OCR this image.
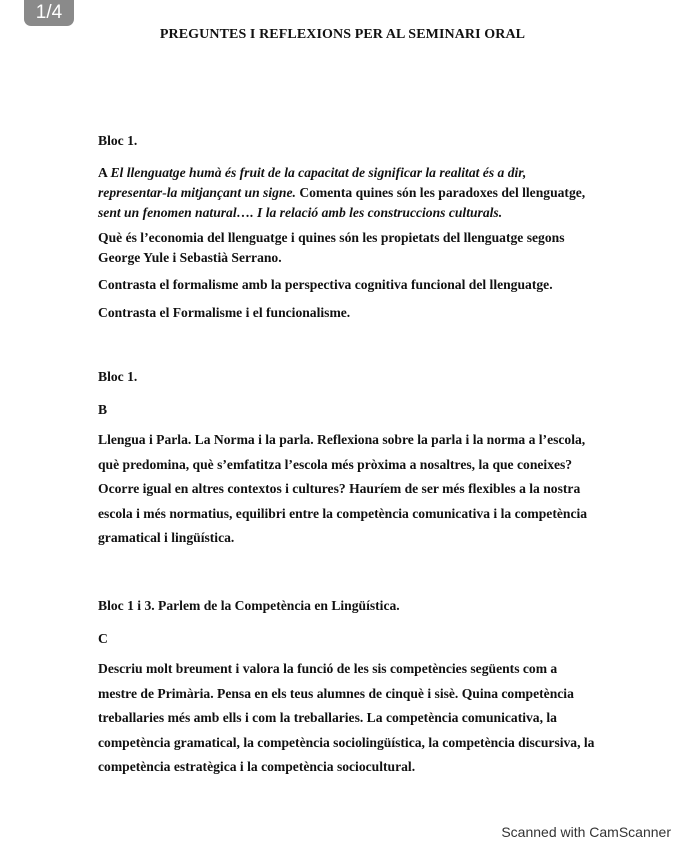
1/4
PREGUNTES I REFLEXIONS PER AL SEMINARI ORAL
Bloc 1.
A El llenguatge humà és fruit de la capacitat de significar la realitat és a dir, representar-la mitjançant un signe. Comenta quines són les paradoxes del llenguatge, sent un fenomen natural…. I la relació amb les construccions culturals.
Què és l’economia del llenguatge i quines són les propietats del llenguatge segons George Yule i Sebastià Serrano.
Contrasta el formalisme amb la perspectiva cognitiva funcional del llenguatge.
Contrasta el Formalisme i el funcionalisme.
Bloc 1.
B
Llengua i Parla. La Norma i la parla. Reflexiona sobre la parla i la norma a l’escola, què predomina, què s’emfatitza l’escola més pròxima a nosaltres, la que coneixes? Ocorre igual en altres contextos i cultures? Hauríem de ser més flexibles a la nostra escola i més normatius, equilibri entre la competència comunicativa i la competència gramatical i lingüística.
Bloc 1 i 3. Parlem de la Competència en Lingüística.
C
Descriu molt breument i valora la funció de les sis competències següents com a mestre de Primària. Pensa en els teus alumnes de cinquè i sisè. Quina competència treballaries més amb ells i com la treballaries. La competència comunicativa, la competència gramatical, la competència sociolingüística, la competència discursiva, la competència estratègica i la competència sociocultural.
Scanned with CamScanner
